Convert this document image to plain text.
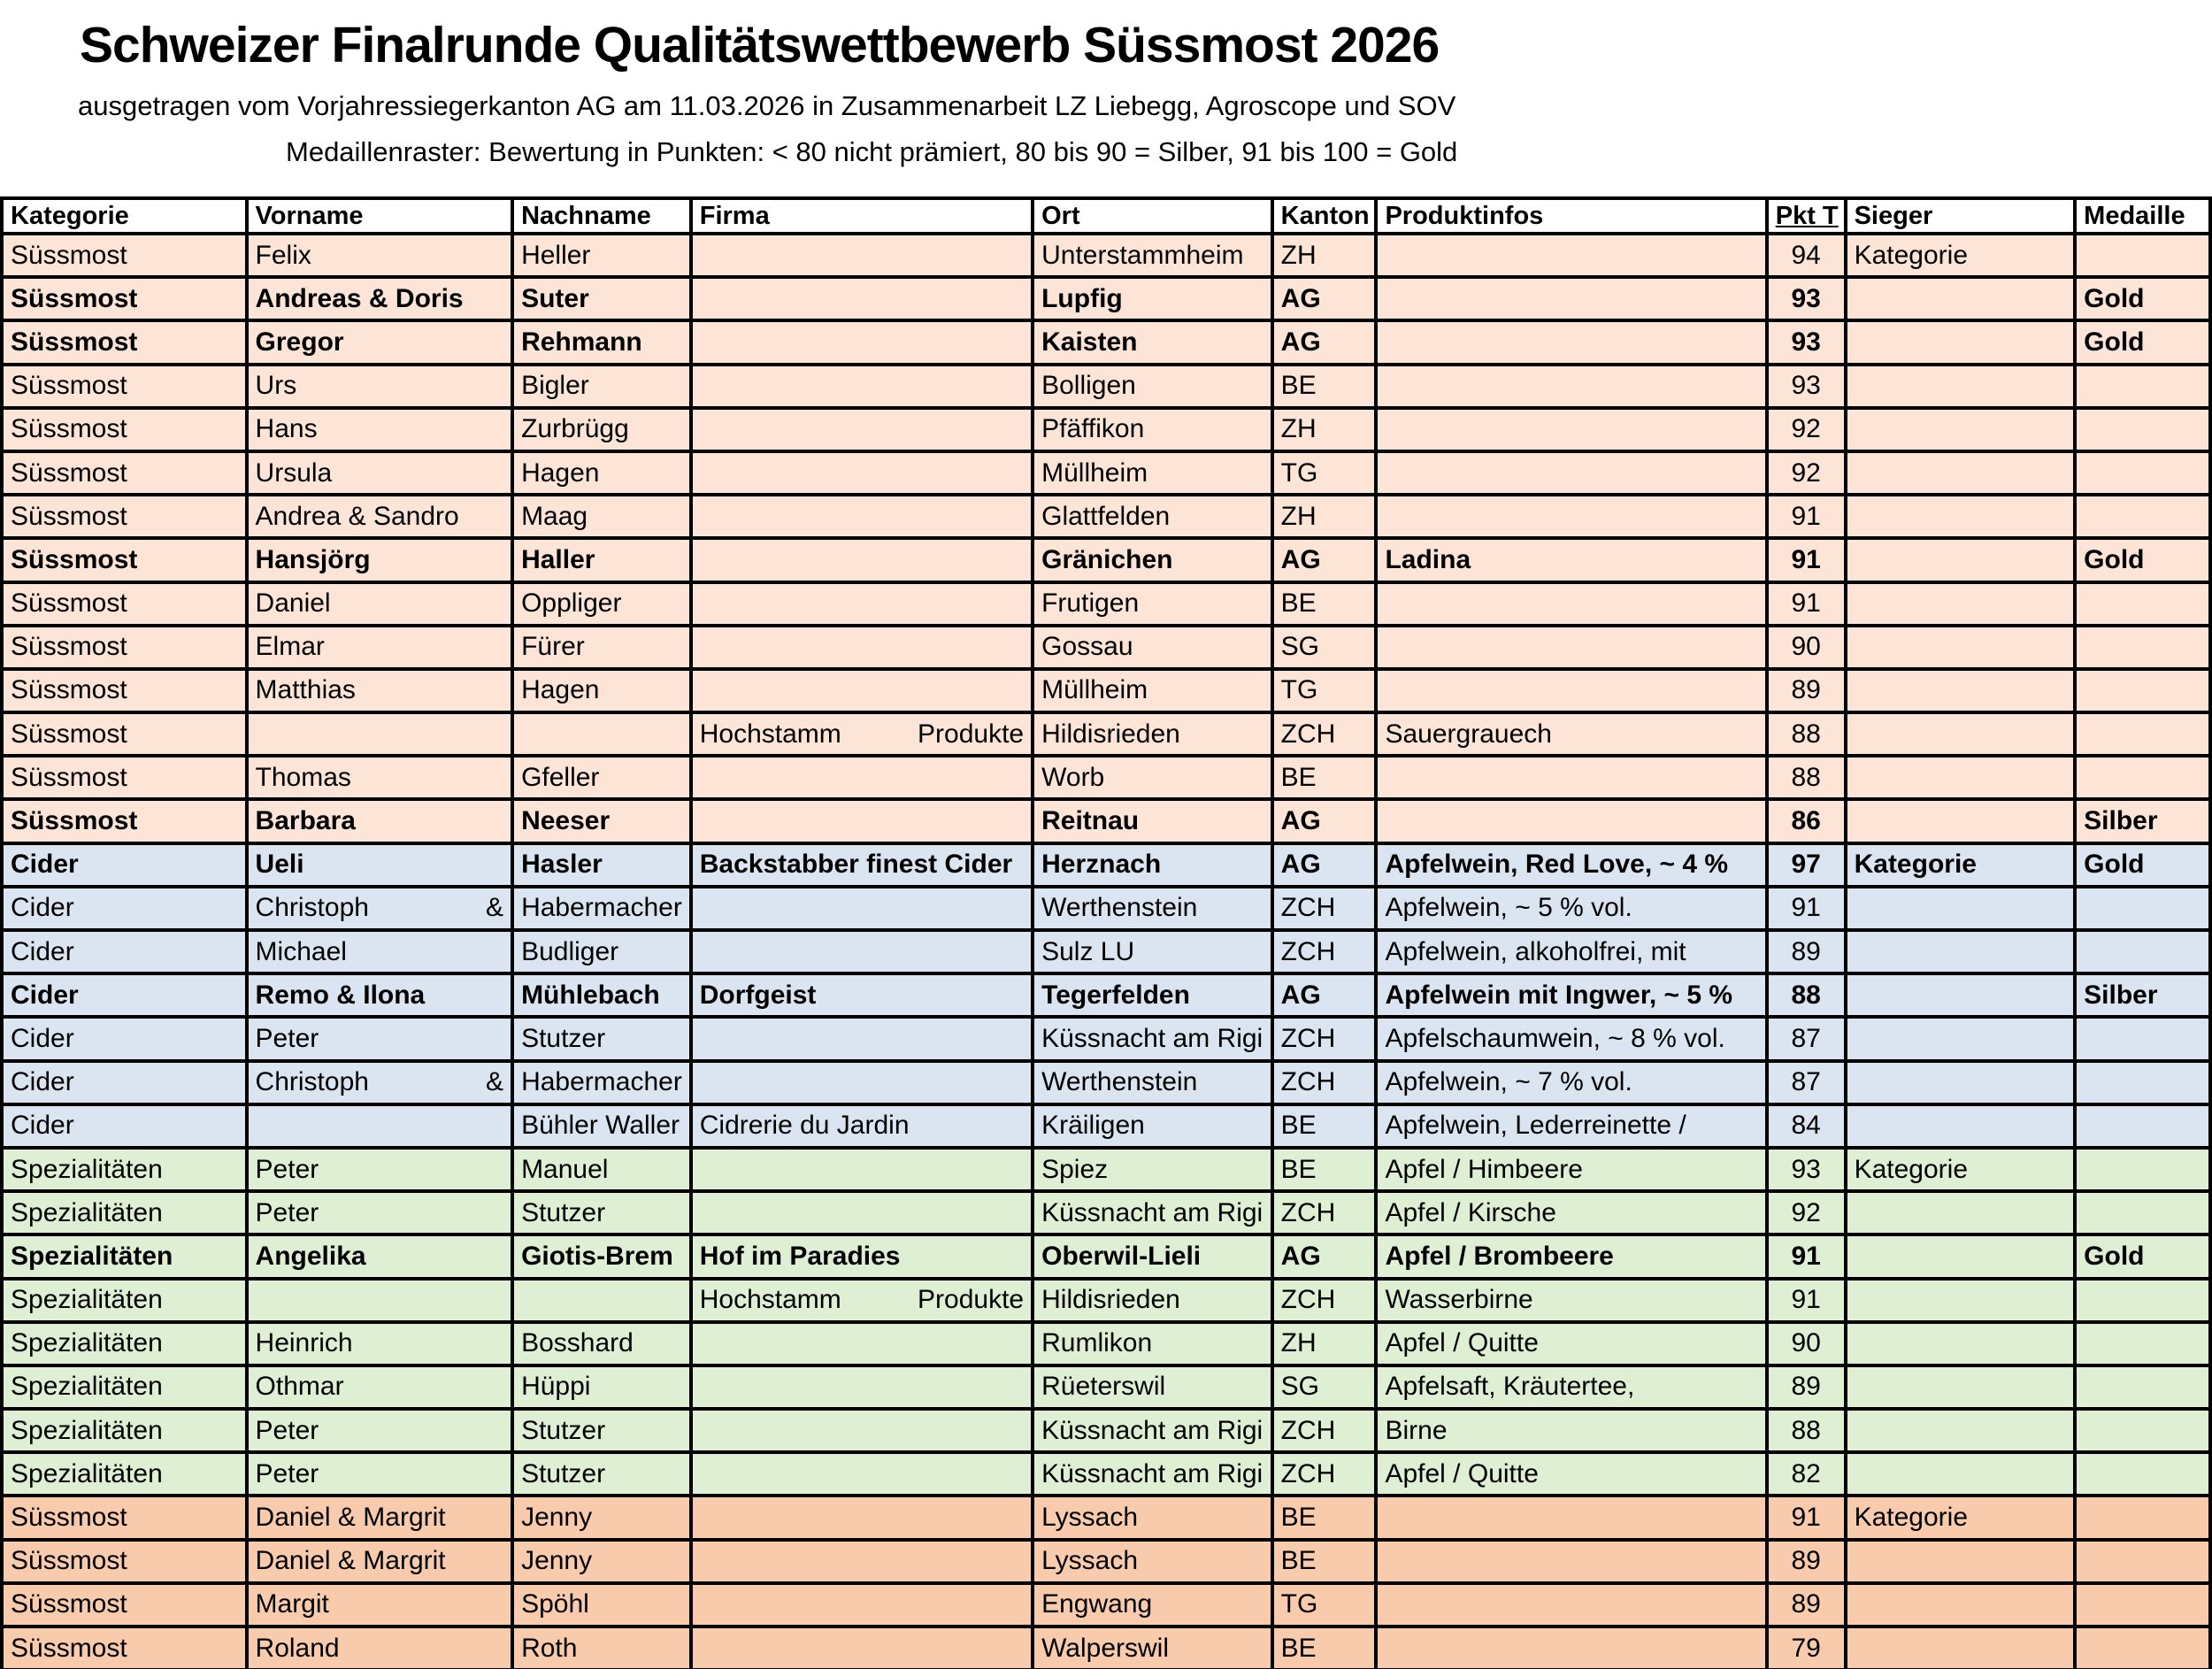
Schweizer Finalrunde Qualitätswettbewerb Süssmost 2026
ausgetragen vom Vorjahressiegerkanton AG am 11.03.2026 in Zusammenarbeit LZ Liebegg, Agroscope und SOV
Medaillenraster: Bewertung in Punkten: < 80 nicht prämiert, 80 bis 90 = Silber, 91 bis 100 = Gold
Kategorie	Vorname	Nachname	Firma	Ort	Kanton	Produktinfos	Pkt T	Sieger	Medaille
Süssmost	Felix	Heller		Unterstammheim	ZH		94	Kategorie	
Süssmost	Andreas & Doris	Suter		Lupfig	AG		93		Gold
Süssmost	Gregor	Rehmann		Kaisten	AG		93		Gold
Süssmost	Urs	Bigler		Bolligen	BE		93		
Süssmost	Hans	Zurbrügg		Pfäffikon	ZH		92		
Süssmost	Ursula	Hagen		Müllheim	TG		92		
Süssmost	Andrea & Sandro	Maag		Glattfelden	ZH		91		
Süssmost	Hansjörg	Haller		Gränichen	AG	Ladina	91		Gold
Süssmost	Daniel	Oppliger		Frutigen	BE		91		
Süssmost	Elmar	Fürer		Gossau	SG		90		
Süssmost	Matthias	Hagen		Müllheim	TG		89		
Süssmost			Hochstamm Produkte	Hildisrieden	ZCH	Sauergrauech	88		
Süssmost	Thomas	Gfeller		Worb	BE		88		
Süssmost	Barbara	Neeser		Reitnau	AG		86		Silber
Cider	Ueli	Hasler	Backstabber finest Cider	Herznach	AG	Apfelwein, Red Love, ~ 4 %	97	Kategorie	Gold
Cider	Christoph &	Habermacher		Werthenstein	ZCH	Apfelwein, ~ 5 % vol.	91		
Cider	Michael	Budliger		Sulz LU	ZCH	Apfelwein, alkoholfrei, mit	89		
Cider	Remo & Ilona	Mühlebach	Dorfgeist	Tegerfelden	AG	Apfelwein mit Ingwer, ~ 5 %	88		Silber
Cider	Peter	Stutzer		Küssnacht am Rigi	ZCH	Apfelschaumwein, ~ 8 % vol.	87		
Cider	Christoph &	Habermacher		Werthenstein	ZCH	Apfelwein, ~ 7 % vol.	87		
Cider		Bühler Waller	Cidrerie du Jardin	Kräiligen	BE	Apfelwein, Lederreinette /	84		
Spezialitäten	Peter	Manuel		Spiez	BE	Apfel / Himbeere	93	Kategorie	
Spezialitäten	Peter	Stutzer		Küssnacht am Rigi	ZCH	Apfel / Kirsche	92		
Spezialitäten	Angelika	Giotis-Brem	Hof im Paradies	Oberwil-Lieli	AG	Apfel / Brombeere	91		Gold
Spezialitäten			Hochstamm Produkte	Hildisrieden	ZCH	Wasserbirne	91		
Spezialitäten	Heinrich	Bosshard		Rumlikon	ZH	Apfel / Quitte	90		
Spezialitäten	Othmar	Hüppi		Rüeterswil	SG	Apfelsaft, Kräutertee,	89		
Spezialitäten	Peter	Stutzer		Küssnacht am Rigi	ZCH	Birne	88		
Spezialitäten	Peter	Stutzer		Küssnacht am Rigi	ZCH	Apfel / Quitte	82		
Süssmost	Daniel & Margrit	Jenny		Lyssach	BE		91	Kategorie	
Süssmost	Daniel & Margrit	Jenny		Lyssach	BE		89		
Süssmost	Margit	Spöhl		Engwang	TG		89		
Süssmost	Roland	Roth		Walperswil	BE		79		
